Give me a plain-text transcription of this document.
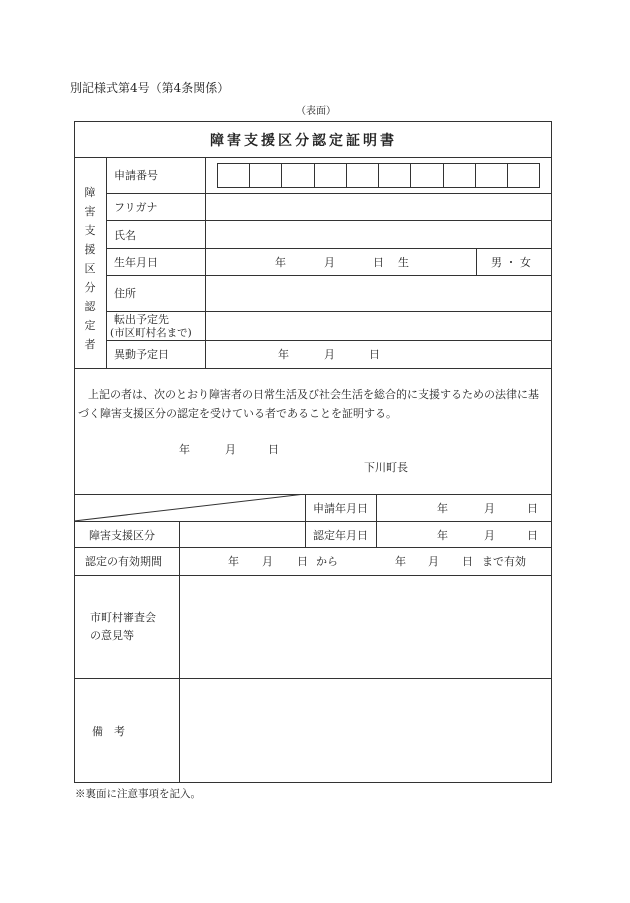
別記様式第4号（第4条関係）
（表面）
障害支援区分認定証明書
障
害
支
援
区
分
認
定
者
申請番号
フリガナ
氏名
生年月日	年	月	日 生	男 ・ 女
住所
転出予定先
(市区町村名まで)
異動予定日	年	月	日
上記の者は、次のとおり障害者の日常生活及び社会生活を総合的に支援するための法律に基
づく障害支援区分の認定を受けている者であることを証明する。
年	月	日
下川町長
申請年月日	年	月	日
障害支援区分	認定年月日	年	月	日
認定の有効期間	年 月 日 から	年 月 日 まで有効
市町村審査会
の意見等
備　考
※裏面に注意事項を記入。
